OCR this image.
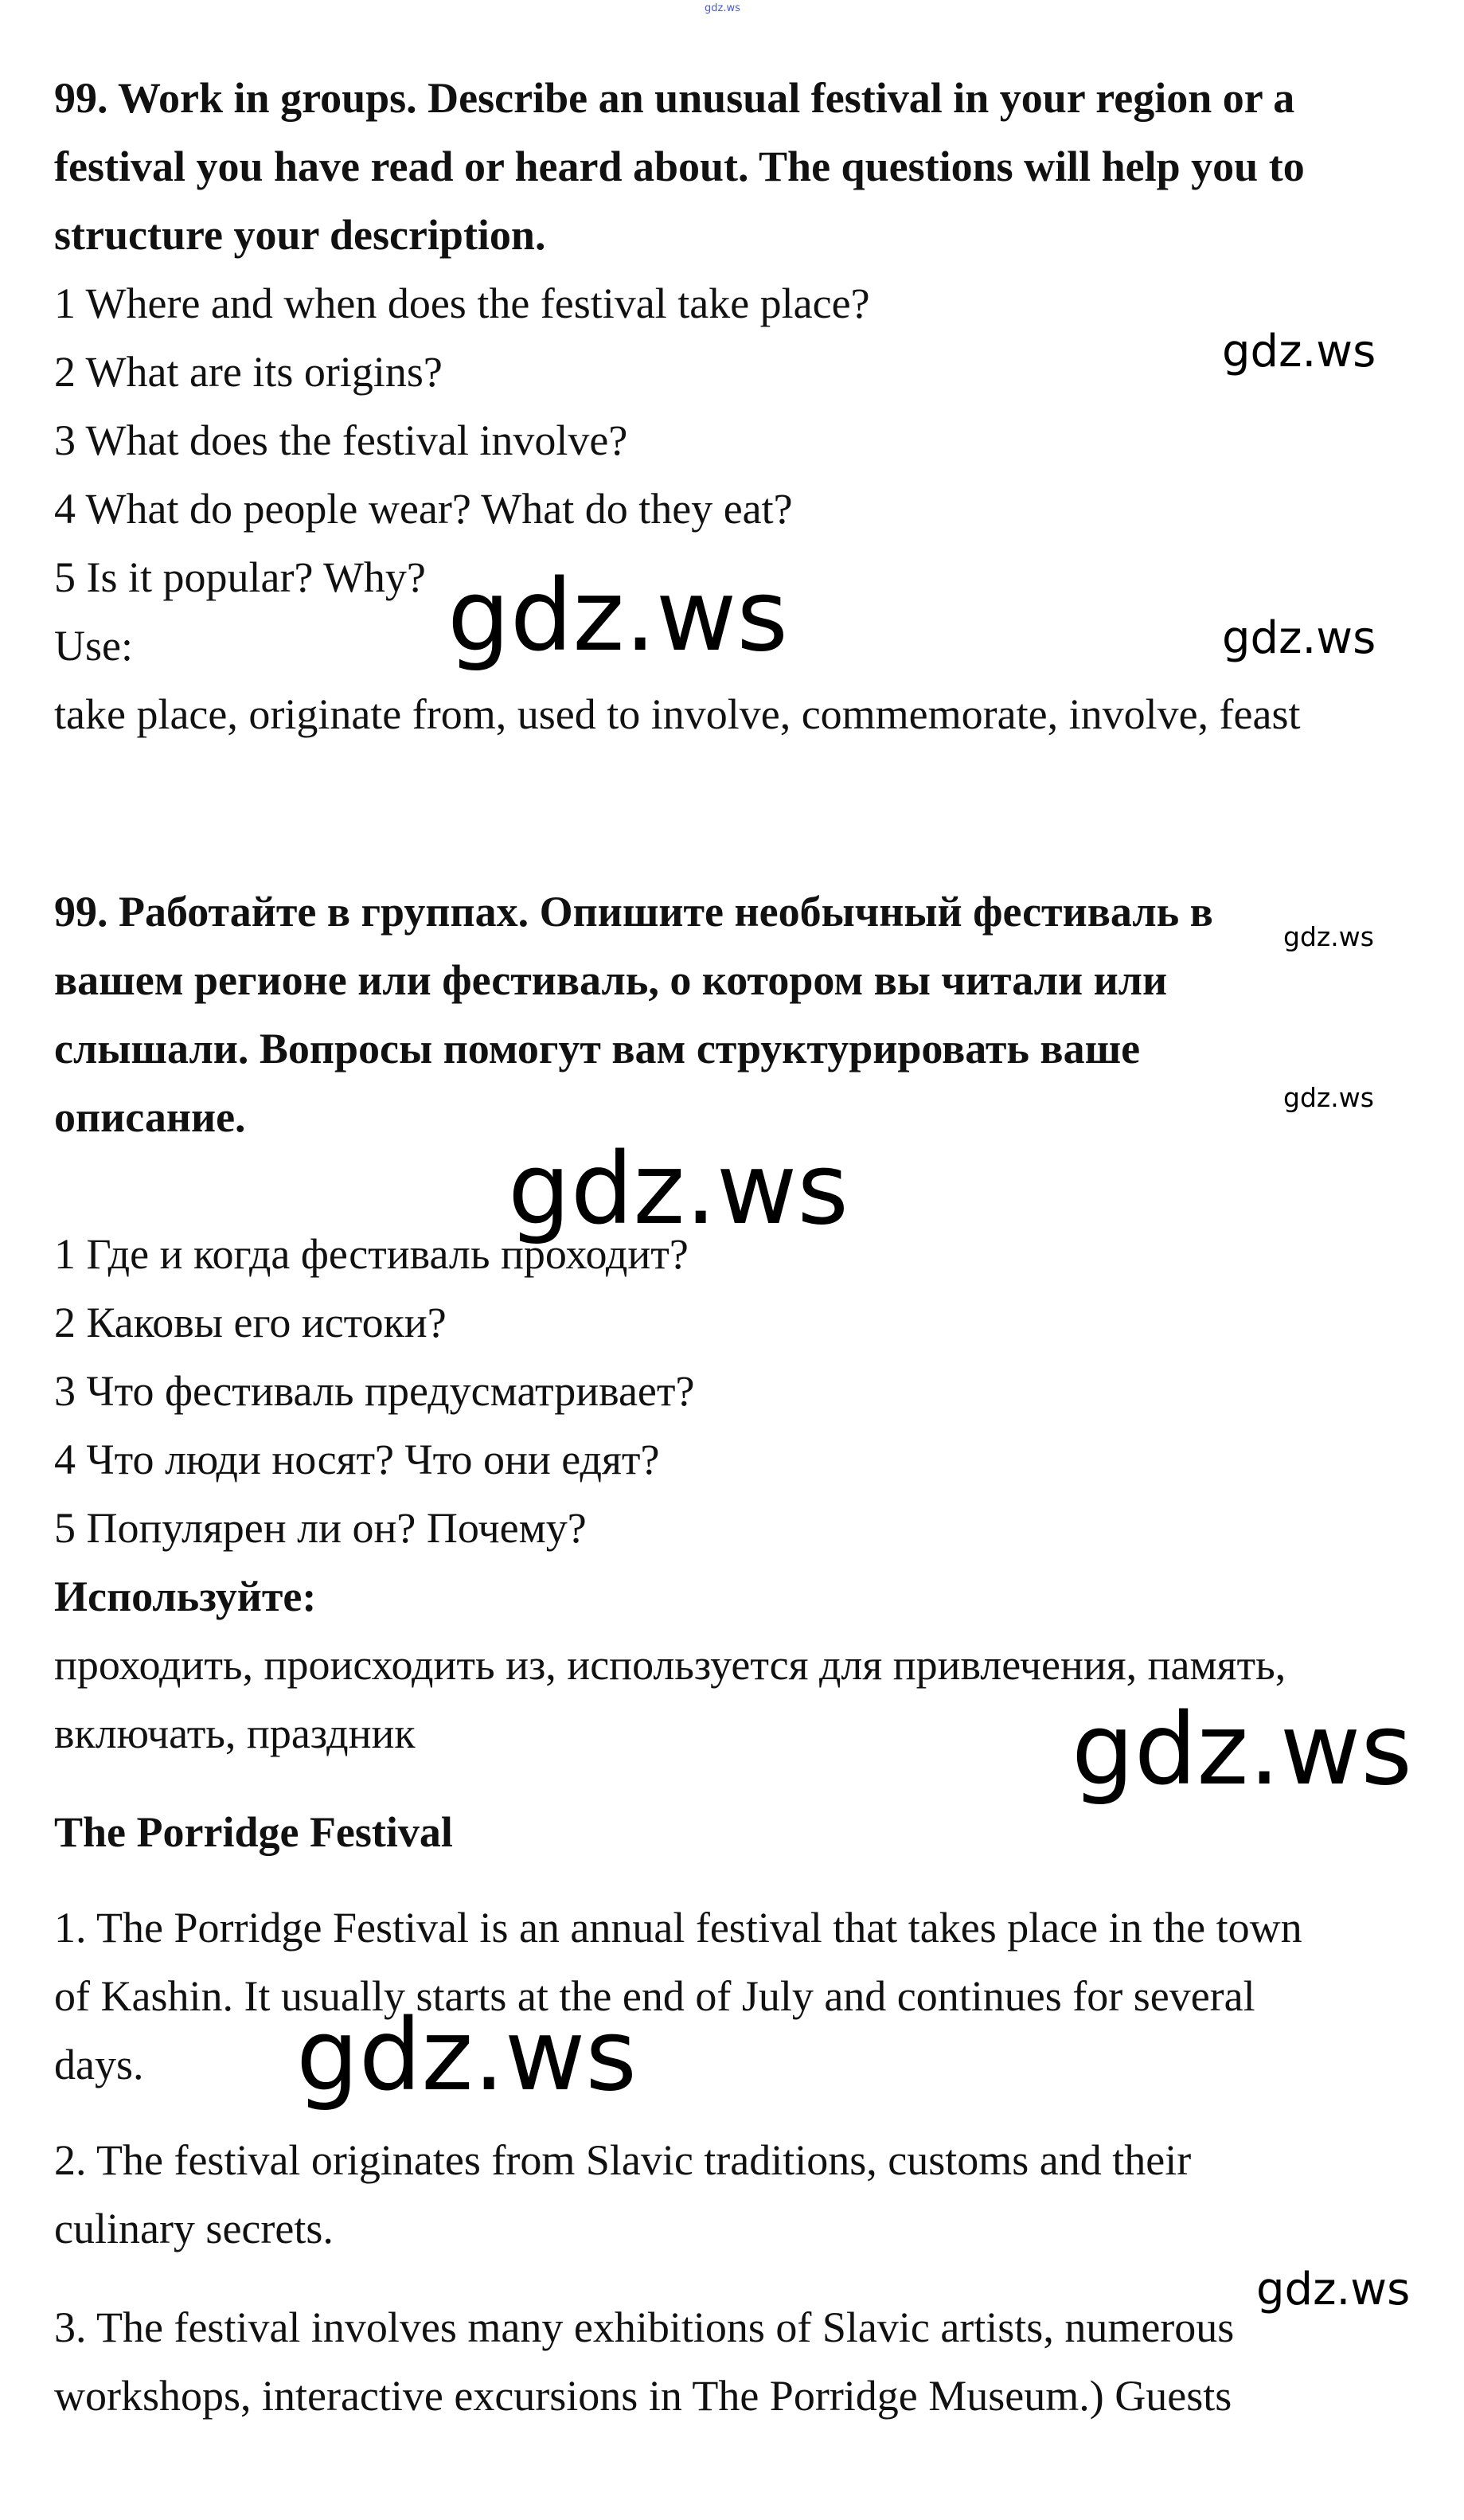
gdz.ws
99. Work in groups. Describe an unusual festival in your region or a
festival you have read or heard about. The questions will help you to
structure your description.
1 Where and when does the festival take place?
2 What are its origins?
3 What does the festival involve?
4 What do people wear? What do they eat?
5 Is it popular? Why?
Use:
take place, originate from, used to involve, commemorate, involve, feast
gdz.ws
gdz.ws	gdz.ws
99. Работайте в группах. Опишите необычный фестиваль в
вашем регионе или фестиваль, о котором вы читали или
слышали. Вопросы помогут вам структурировать ваше
описание.
gdz.ws
gdz.ws
gdz.ws
1 Где и когда фестиваль проходит?
2 Каковы его истоки?
3 Что фестиваль предусматривает?
4 Что люди носят? Что они едят?
5 Популярен ли он? Почему?
Используйте:
проходить, происходить из, используется для привлечения, память,
включать, праздник	gdz.ws
The Porridge Festival
1. The Porridge Festival is an annual festival that takes place in the town
of Kashin. It usually starts at the end of July and continues for several
days. gdz.ws
2. The festival originates from Slavic traditions, customs and their
culinary secrets.
gdz.ws
3. The festival involves many exhibitions of Slavic artists, numerous
workshops, interactive excursions in The Porridge Museum.) Guests
